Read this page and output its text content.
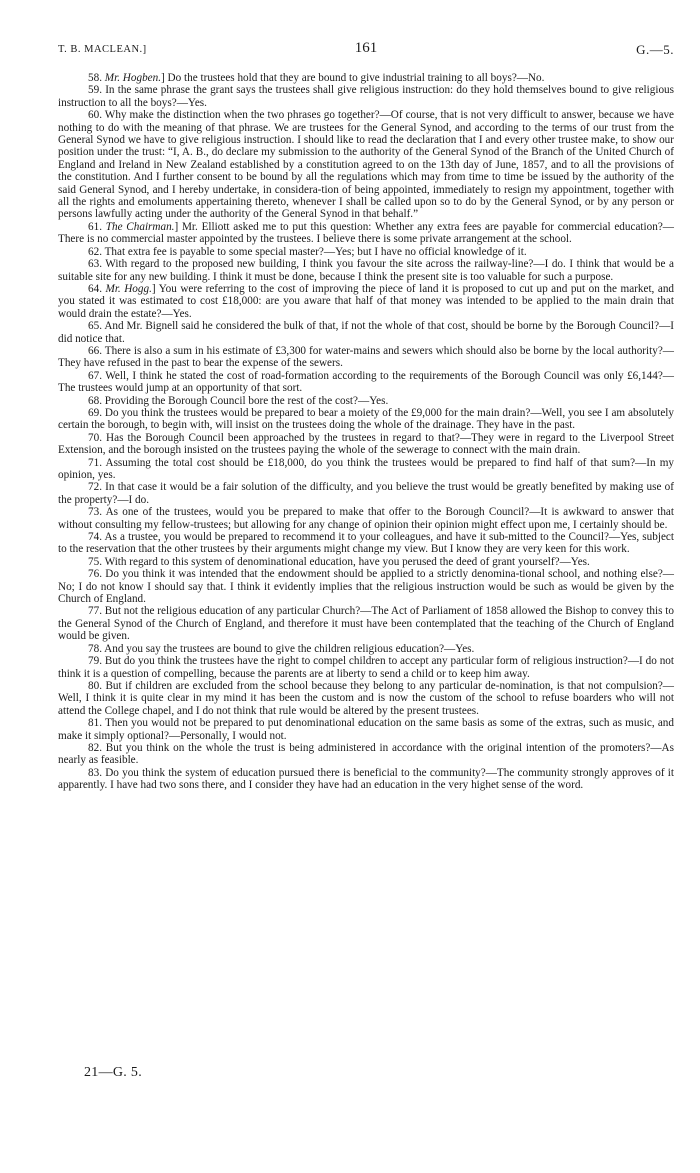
T. B. MACLEAN.]	161	G.—5.

58. Mr. Hogben.] Do the trustees hold that they are bound to give industrial training to all boys?—No.

59. In the same phrase the grant says the trustees shall give religious instruction: do they hold themselves bound to give religious instruction to all the boys?—Yes.

60. Why make the distinction when the two phrases go together?—Of course, that is not very difficult to answer, because we have nothing to do with the meaning of that phrase. We are trustees for the General Synod, and according to the terms of our trust from the General Synod we have to give religious instruction. I should like to read the declaration that I and every other trustee make, to show our position under the trust: “I, A. B., do declare my submission to the authority of the General Synod of the Branch of the United Church of England and Ireland in New Zealand established by a constitution agreed to on the 13th day of June, 1857, and to all the provisions of the constitution. And I further consent to be bound by all the regulations which may from time to time be issued by the authority of the said General Synod, and I hereby undertake, in considera-tion of being appointed, immediately to resign my appointment, together with all the rights and emoluments appertaining thereto, whenever I shall be called upon so to do by the General Synod, or by any person or persons lawfully acting under the authority of the General Synod in that behalf.”

61. The Chairman.] Mr. Elliott asked me to put this question: Whether any extra fees are payable for commercial education?—There is no commercial master appointed by the trustees. I believe there is some private arrangement at the school.

62. That extra fee is payable to some special master?—Yes; but I have no official knowledge of it.

63. With regard to the proposed new building, I think you favour the site across the railway-line?—I do. I think that would be a suitable site for any new building. I think it must be done, because I think the present site is too valuable for such a purpose.

64. Mr. Hogg.] You were referring to the cost of improving the piece of land it is proposed to cut up and put on the market, and you stated it was estimated to cost £18,000: are you aware that half of that money was intended to be applied to the main drain that would drain the estate?—Yes.

65. And Mr. Bignell said he considered the bulk of that, if not the whole of that cost, should be borne by the Borough Council?—I did notice that.

66. There is also a sum in his estimate of £3,300 for water-mains and sewers which should also be borne by the local authority?—They have refused in the past to bear the expense of the sewers.

67. Well, I think he stated the cost of road-formation according to the requirements of the Borough Council was only £6,144?—The trustees would jump at an opportunity of that sort.

68. Providing the Borough Council bore the rest of the cost?—Yes.

69. Do you think the trustees would be prepared to bear a moiety of the £9,000 for the main drain?—Well, you see I am absolutely certain the borough, to begin with, will insist on the trustees doing the whole of the drainage. They have in the past.

70. Has the Borough Council been approached by the trustees in regard to that?—They were in regard to the Liverpool Street Extension, and the borough insisted on the trustees paying the whole of the sewerage to connect with the main drain.

71. Assuming the total cost should be £18,000, do you think the trustees would be prepared to find half of that sum?—In my opinion, yes.

72. In that case it would be a fair solution of the difficulty, and you believe the trust would be greatly benefited by making use of the property?—I do.

73. As one of the trustees, would you be prepared to make that offer to the Borough Council?—It is awkward to answer that without consulting my fellow-trustees; but allowing for any change of opinion their opinion might effect upon me, I certainly should be.

74. As a trustee, you would be prepared to recommend it to your colleagues, and have it sub-mitted to the Council?—Yes, subject to the reservation that the other trustees by their arguments might change my view. But I know they are very keen for this work.

75. With regard to this system of denominational education, have you perused the deed of grant yourself?—Yes.

76. Do you think it was intended that the endowment should be applied to a strictly denomina-tional school, and nothing else?—No; I do not know I should say that. I think it evidently implies that the religious instruction would be such as would be given by the Church of England.

77. But not the religious education of any particular Church?—The Act of Parliament of 1858 allowed the Bishop to convey this to the General Synod of the Church of England, and therefore it must have been contemplated that the teaching of the Church of England would be given.

78. And you say the trustees are bound to give the children religious education?—Yes.

79. But do you think the trustees have the right to compel children to accept any particular form of religious instruction?—I do not think it is a question of compelling, because the parents are at liberty to send a child or to keep him away.

80. But if children are excluded from the school because they belong to any particular de-nomination, is that not compulsion?—Well, I think it is quite clear in my mind it has been the custom and is now the custom of the school to refuse boarders who will not attend the College chapel, and I do not think that rule would be altered by the present trustees.

81. Then you would not be prepared to put denominational education on the same basis as some of the extras, such as music, and make it simply optional?—Personally, I would not.

82. But you think on the whole the trust is being administered in accordance with the original intention of the promoters?—As nearly as feasible.

83. Do you think the system of education pursued there is beneficial to the community?—The community strongly approves of it apparently. I have had two sons there, and I consider they have had an education in the very highet sense of the word.

21—G. 5.
